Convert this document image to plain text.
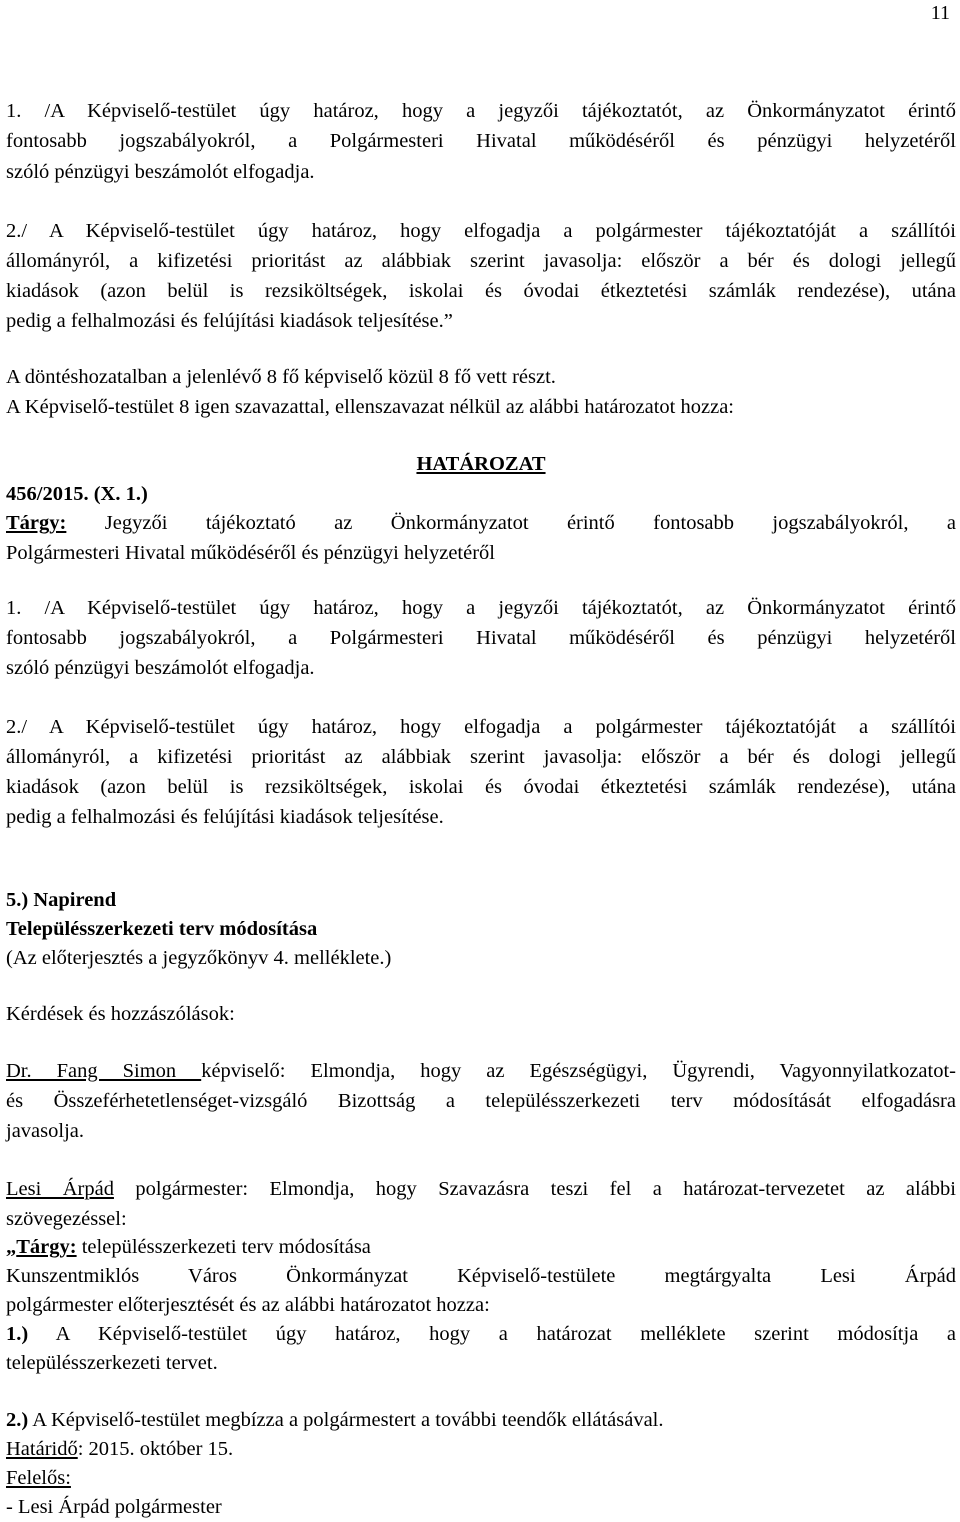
11
1. /A Képviselő-testület úgy határoz, hogy a jegyzői tájékoztatót, az Önkormányzatot érintő
fontosabb jogszabályokról, a Polgármesteri Hivatal működéséről és pénzügyi helyzetéről
szóló pénzügyi beszámolót elfogadja.
2./ A Képviselő-testület úgy határoz, hogy elfogadja a polgármester tájékoztatóját a szállítói
állományról, a kifizetési prioritást az alábbiak szerint javasolja: először a bér és dologi jellegű
kiadások (azon belül is rezsiköltségek, iskolai és óvodai étkeztetési számlák rendezése), utána
pedig a felhalmozási és felújítási kiadások teljesítése.”
A döntéshozatalban a jelenlévő 8 fő képviselő közül 8 fő vett részt.
A Képviselő-testület 8 igen szavazattal, ellenszavazat nélkül az alábbi határozatot hozza:
HATÁROZAT
456/2015. (X. 1.)
Tárgy: Jegyzői tájékoztató az Önkormányzatot érintő fontosabb jogszabályokról, a
Polgármesteri Hivatal működéséről és pénzügyi helyzetéről
1. /A Képviselő-testület úgy határoz, hogy a jegyzői tájékoztatót, az Önkormányzatot érintő
fontosabb jogszabályokról, a Polgármesteri Hivatal működéséről és pénzügyi helyzetéről
szóló pénzügyi beszámolót elfogadja.
2./ A Képviselő-testület úgy határoz, hogy elfogadja a polgármester tájékoztatóját a szállítói
állományról, a kifizetési prioritást az alábbiak szerint javasolja: először a bér és dologi jellegű
kiadások (azon belül is rezsiköltségek, iskolai és óvodai étkeztetési számlák rendezése), utána
pedig a felhalmozási és felújítási kiadások teljesítése.
5.) Napirend
Településszerkezeti terv módosítása
(Az előterjesztés a jegyzőkönyv 4. melléklete.)
Kérdések és hozzászólások:
Dr. Fang Simon képviselő: Elmondja, hogy az Egészségügyi, Ügyrendi, Vagyonnyilatkozatot-
és Összeférhetetlenséget-vizsgáló Bizottság a településszerkezeti terv módosítását elfogadásra
javasolja.
Lesi Árpád polgármester: Elmondja, hogy Szavazásra teszi fel a határozat-tervezetet az alábbi
szövegezéssel:
„Tárgy: településszerkezeti terv módosítása
Kunszentmiklós Város Önkormányzat Képviselő-testülete megtárgyalta Lesi Árpád
polgármester előterjesztését és az alábbi határozatot hozza:
1.) A Képviselő-testület úgy határoz, hogy a határozat melléklete szerint módosítja a
településszerkezeti tervet.
2.) A Képviselő-testület megbízza a polgármestert a további teendők ellátásával.
Határidő: 2015. október 15.
Felelős:
- Lesi Árpád polgármester
